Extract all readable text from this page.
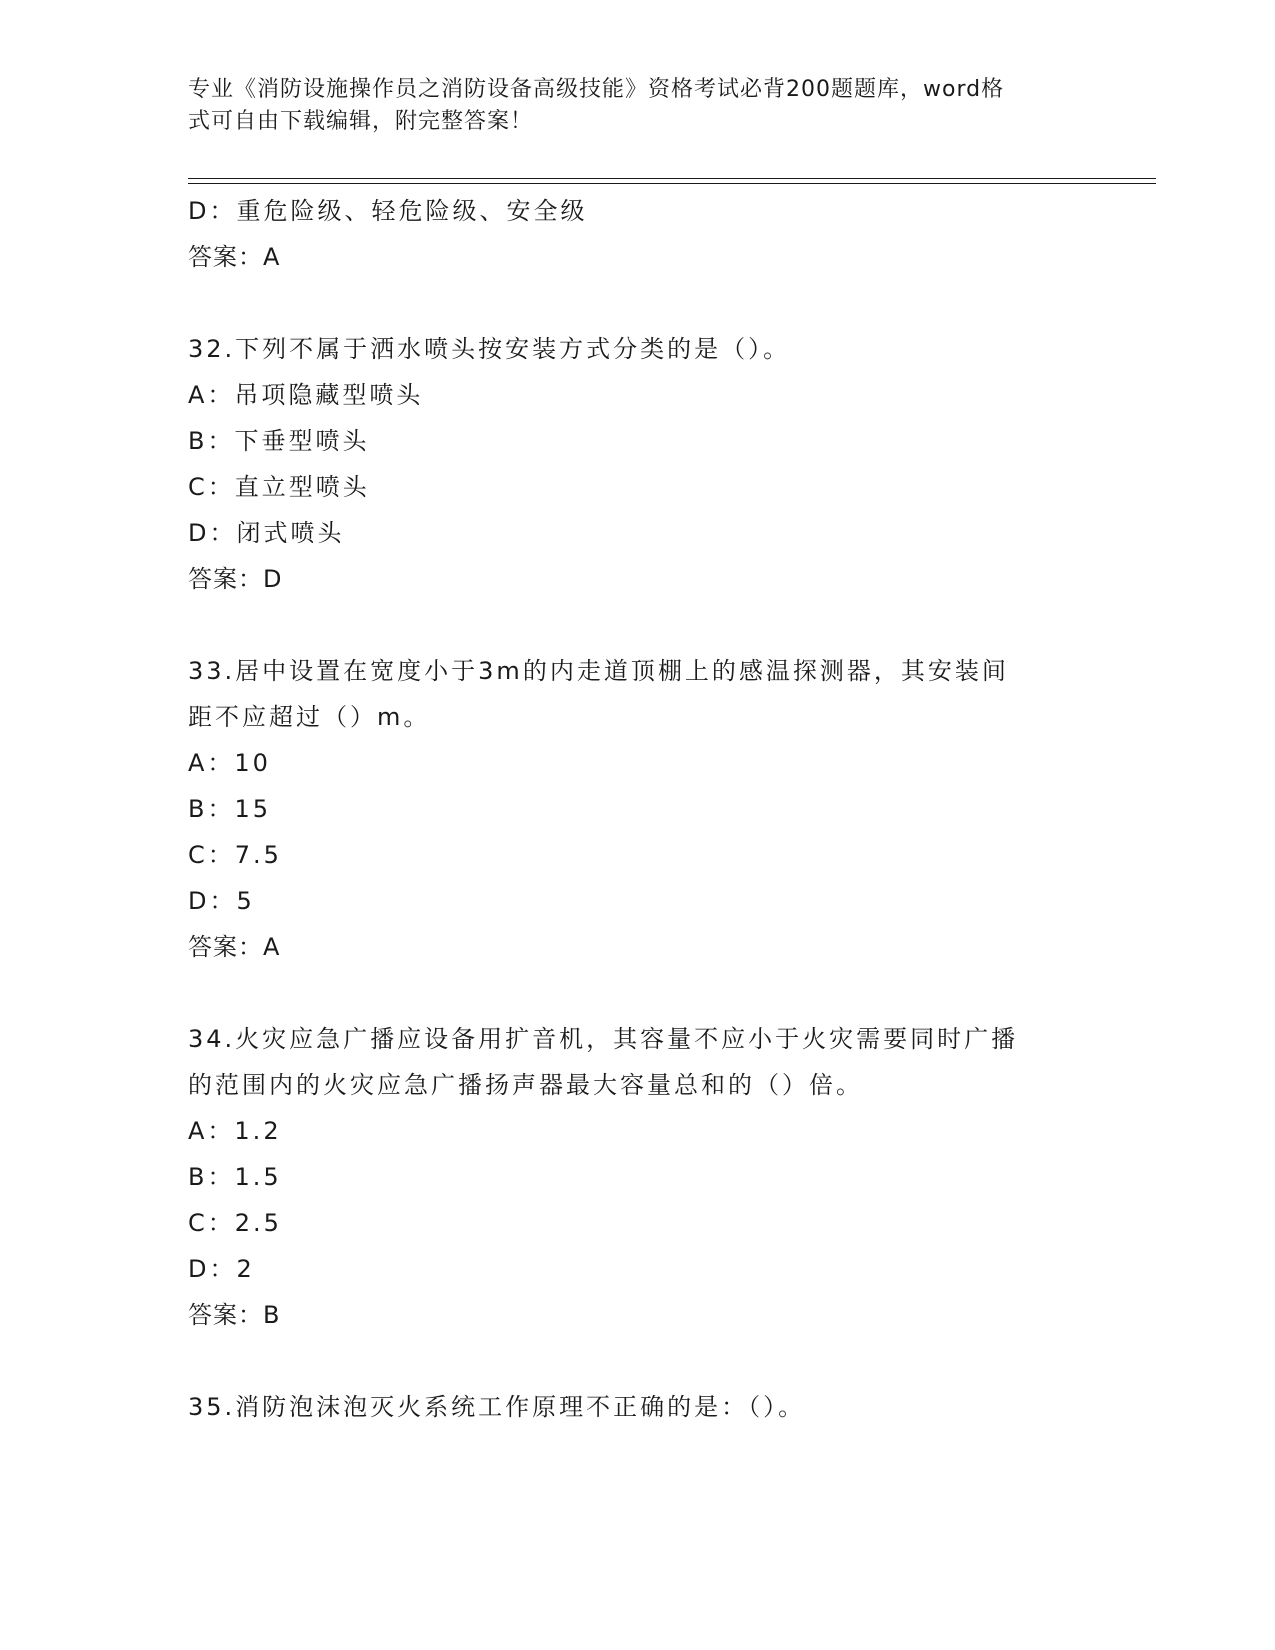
专业《消防设施操作员之消防设备高级技能》资格考试必背200题题库，word格
式可自由下载编辑，附完整答案！
D：重危险级、轻危险级、安全级
答案：A
32.下列不属于洒水喷头按安装方式分类的是（）。
A：吊项隐藏型喷头
B：下垂型喷头
C：直立型喷头
D：闭式喷头
答案：D
33.居中设置在宽度小于3m的内走道顶棚上的感温探测器，其安装间
距不应超过（）m。
A：10
B：15
C：7.5
D：5
答案：A
34.火灾应急广播应设备用扩音机，其容量不应小于火灾需要同时广播
的范围内的火灾应急广播扬声器最大容量总和的（）倍。
A：1.2
B：1.5
C：2.5
D：2
答案：B
35.消防泡沫泡灭火系统工作原理不正确的是：（）。
